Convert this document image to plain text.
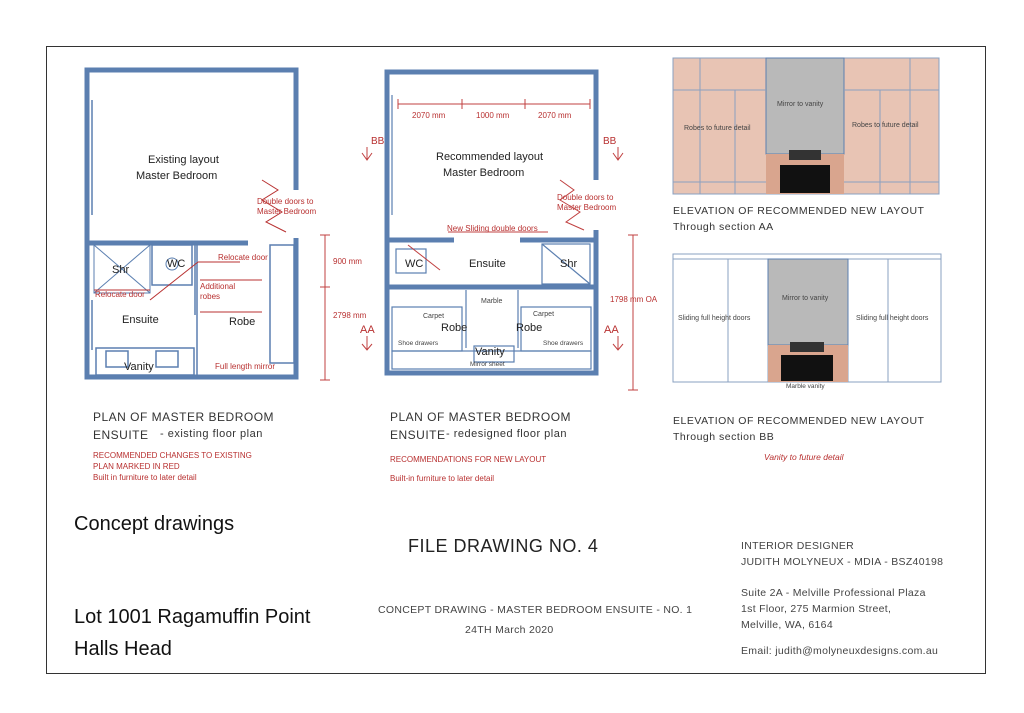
Existing layout
Master Bedroom
Double doors to Master Bedroom
Shr	WC
Relocate door
Relocate door
Additional robes
Ensuite	Robe
Vanity	Full length mirror
PLAN OF MASTER BEDROOM
ENSUITE - existing floor plan
RECOMMENDED CHANGES TO EXISTING
PLAN MARKED IN RED
Built in furniture to later detail
2070 mm	1000 mm	2070 mm
BB	BB
AA	AA
Recommended layout
Master Bedroom
Double doors to Master Bedroom
New Sliding double doors
WC	Ensuite	Shr
Marble
Carpet	Carpet
Robe	Robe
Shoe drawers	Shoe drawers
Vanity
Mirror sheet
900 mm
2798 mm
1798 mm OA
PLAN OF MASTER BEDROOM
ENSUITE - redesigned floor plan
RECOMMENDATIONS FOR NEW LAYOUT
Built-in furniture to later detail
Robes to future detail	Robes to future detail
Mirror to vanity
ELEVATION OF RECOMMENDED NEW LAYOUT
Through section AA
Sliding full height doors	Sliding full height doors
Mirror to vanity
Marble vanity
ELEVATION OF RECOMMENDED NEW LAYOUT
Through section BB
Vanity to future detail
Concept drawings
Lot 1001 Ragamuffin Point
Halls Head
FILE DRAWING NO. 4
CONCEPT DRAWING - MASTER BEDROOM ENSUITE - NO. 1
24TH March 2020
INTERIOR DESIGNER
JUDITH MOLYNEUX - MDIA - BSZ40198
Suite 2A - Melville Professional Plaza
1st Floor, 275 Marmion Street,
Melville, WA, 6164
Email: judith@molyneuxdesigns.com.au
